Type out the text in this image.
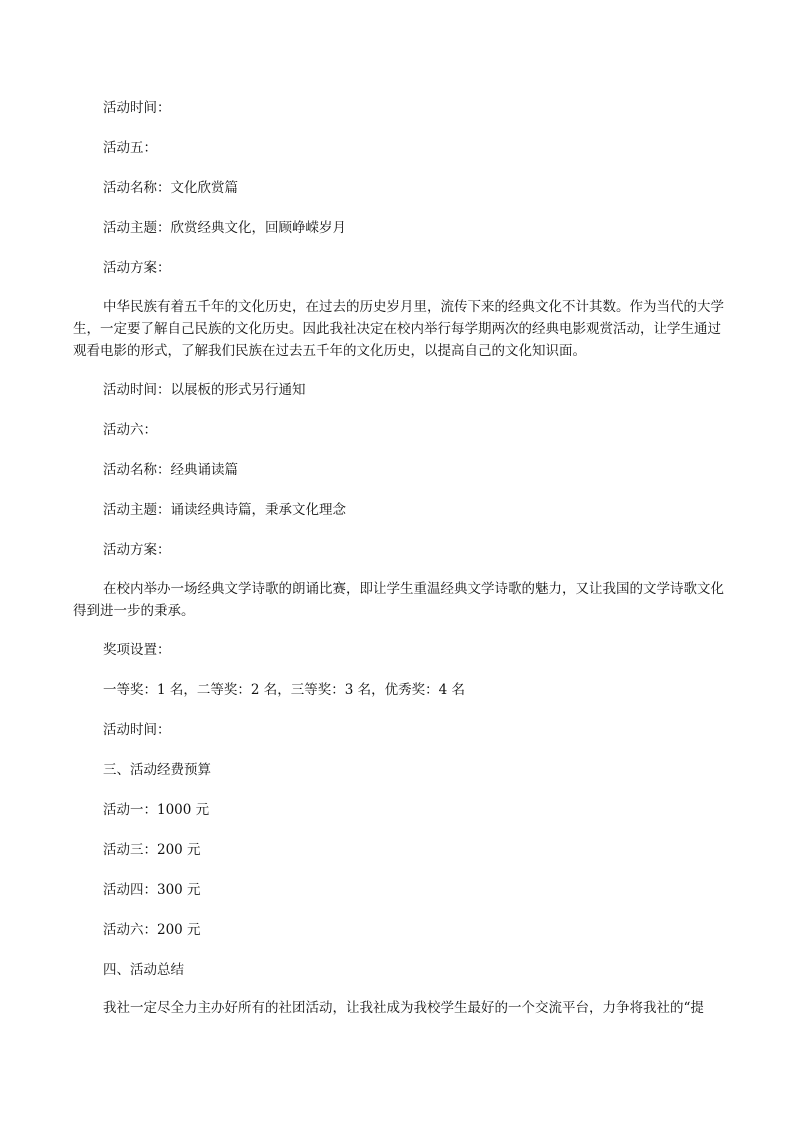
活动时间：
活动五：
活动名称：文化欣赏篇
活动主题：欣赏经典文化，回顾峥嵘岁月
活动方案：
中华民族有着五千年的文化历史，在过去的历史岁月里，流传下来的经典文化不计其数。作为当代的大学生，一定要了解自己民族的文化历史。因此我社决定在校内举行每学期两次的经典电影观赏活动，让学生通过观看电影的形式，了解我们民族在过去五千年的文化历史，以提高自己的文化知识面。
活动时间：以展板的形式另行通知
活动六：
活动名称：经典诵读篇
活动主题：诵读经典诗篇，秉承文化理念
活动方案：
在校内举办一场经典文学诗歌的朗诵比赛，即让学生重温经典文学诗歌的魅力，又让我国的文学诗歌文化得到进一步的秉承。
奖项设置：
一等奖：1 名，二等奖：2 名，三等奖：3 名，优秀奖：4 名
活动时间：
三、活动经费预算
活动一：1000 元
活动三：200 元
活动四：300 元
活动六：200 元
四、活动总结
我社一定尽全力主办好所有的社团活动，让我社成为我校学生最好的一个交流平台，力争将我社的“提
